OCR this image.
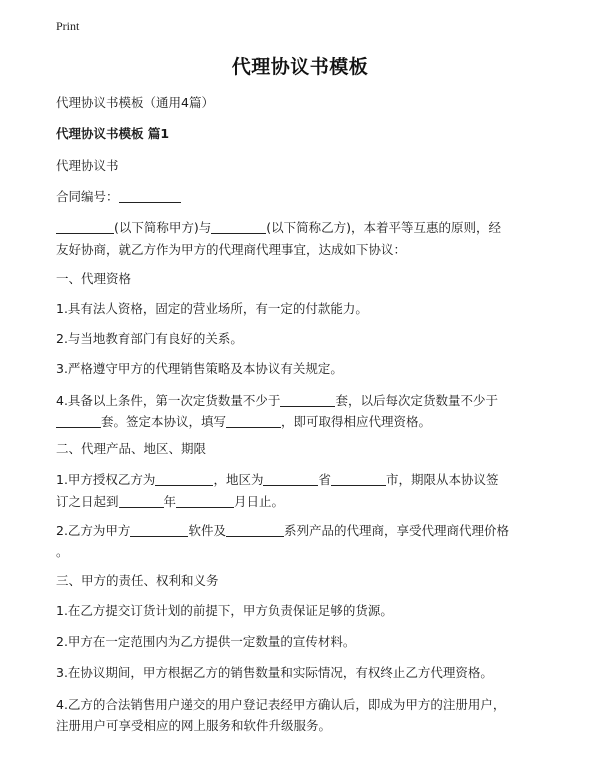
Print
代理协议书模板
代理协议书模板（通用4篇）
代理协议书模板 篇1
代理协议书
合同编号：
(以下简称甲方)与	(以下简称乙方)，本着平等互惠的原则，经
友好协商，就乙方作为甲方的代理商代理事宜，达成如下协议：
一、代理资格
1.具有法人资格，固定的营业场所，有一定的付款能力。
2.与当地教育部门有良好的关系。
3.严格遵守甲方的代理销售策略及本协议有关规定。
4.具备以上条件，第一次定货数量不少于	套，以后每次定货数量不少于
套。签定本协议，填写	，即可取得相应代理资格。
二、代理产品、地区、期限
1.甲方授权乙方为	，地区为	省	市，期限从本协议签
订之日起到	年	月日止。
2.乙方为甲方	软件及	系列产品的代理商，享受代理商代理价格
。
三、甲方的责任、权利和义务
1.在乙方提交订货计划的前提下，甲方负责保证足够的货源。
2.甲方在一定范围内为乙方提供一定数量的宣传材料。
3.在协议期间，甲方根据乙方的销售数量和实际情况，有权终止乙方代理资格。
4.乙方的合法销售用户递交的用户登记表经甲方确认后，即成为甲方的注册用户，
注册用户可享受相应的网上服务和软件升级服务。
